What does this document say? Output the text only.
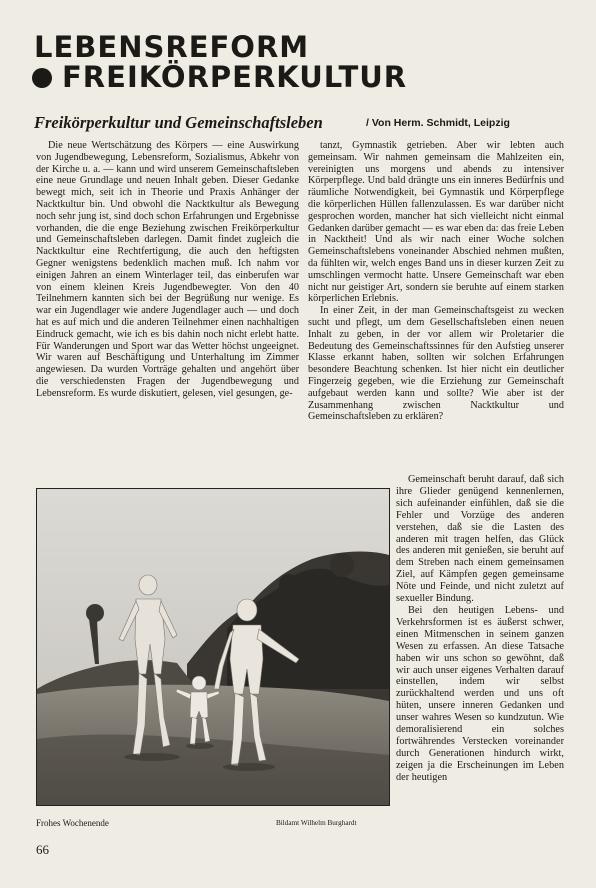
LEBENSREFORM
FREIKÖRPERKULTUR
Freikörperkultur und Gemeinschaftsleben	/ Von Herm. Schmidt, Leipzig

Die neue Wertschätzung des Körpers — eine Auswirkung von Jugendbewegung, Lebensreform, Sozialismus, Abkehr von der Kirche u. a. — kann und wird unserem Gemeinschaftsleben eine neue Grundlage und neuen Inhalt geben. Dieser Gedanke bewegt mich, seit ich in Theorie und Praxis Anhänger der Nacktkultur bin. Und obwohl die Nacktkultur als Bewegung noch sehr jung ist, sind doch schon Erfahrungen und Ergebnisse vorhanden, die die enge Beziehung zwischen Freikörperkultur und Gemeinschaftsleben darlegen. Damit findet zugleich die Nacktkultur eine Rechtfertigung, die auch den heftigsten Gegner wenigstens bedenklich machen muß. Ich nahm vor einigen Jahren an einem Winterlager teil, das einberufen war von einem kleinen Kreis Jugendbewegter. Von den 40 Teilnehmern kannten sich bei der Begrüßung nur wenige. Es war ein Jugendlager wie andere Jugendlager auch — und doch hat es auf mich und die anderen Teilnehmer einen nachhaltigen Eindruck gemacht, wie ich es bis dahin noch nicht erlebt hatte. Für Wanderungen und Sport war das Wetter höchst ungeeignet. Wir waren auf Beschäftigung und Unterhaltung im Zimmer angewiesen. Da wurden Vorträge gehalten und angehört über die verschiedensten Fragen der Jugendbewegung und Lebensreform. Es wurde diskutiert, gelesen, viel gesungen, ge-

tanzt, Gymnastik getrieben. Aber wir lebten auch gemeinsam. Wir nahmen gemeinsam die Mahlzeiten ein, vereinigten uns morgens und abends zu intensiver Körperpflege. Und bald drängte uns ein inneres Bedürfnis und räumliche Notwendigkeit, bei Gymnastik und Körperpflege die körperlichen Hüllen fallenzulassen. Es war darüber nicht gesprochen worden, mancher hat sich vielleicht nicht einmal Gedanken darüber gemacht — es war eben da: das freie Leben in Nacktheit! Und als wir nach einer Woche solchen Gemeinschaftslebens voneinander Abschied nehmen mußten, da fühlten wir, welch enges Band uns in dieser kurzen Zeit zu umschlingen vermocht hatte. Unsere Gemeinschaft war eben nicht nur geistiger Art, sondern sie beruhte auf einem starken körperlichen Erlebnis.

In einer Zeit, in der man Gemeinschaftsgeist zu wecken sucht und pflegt, um dem Gesellschaftsleben einen neuen Inhalt zu geben, in der vor allem wir Proletarier die Bedeutung des Gemeinschaftssinnes für den Aufstieg unserer Klasse erkannt haben, sollten wir solchen Erfahrungen besondere Beachtung schenken. Ist hier nicht ein deutlicher Fingerzeig gegeben, wie die Erziehung zur Gemeinschaft aufgebaut werden kann und sollte? Wie aber ist der Zusammenhang zwischen Nacktkultur und Gemeinschaftsleben zu erklären?

Gemeinschaft beruht darauf, daß sich ihre Glieder genügend kennenlernen, sich aufeinander einfühlen, daß sie die Fehler und Vorzüge des anderen verstehen, daß sie die Lasten des anderen mit tragen helfen, das Glück des anderen mit genießen, sie beruht auf dem Streben nach einem gemeinsamen Ziel, auf Kämpfen gegen gemeinsame Nöte und Feinde, und nicht zuletzt auf sexueller Bindung.

Bei den heutigen Lebens- und Verkehrsformen ist es äußerst schwer, einen Mitmenschen in seinem ganzen Wesen zu erfassen. An diese Tatsache haben wir uns schon so gewöhnt, daß wir auch unser eigenes Verhalten darauf einstellen, indem wir selbst zurückhaltend werden und uns oft hüten, unsere inneren Gedanken und unser wahres Wesen so kundzutun. Wie demoralisierend ein solches fortwährendes Verstecken voreinander durch Generationen hindurch wirkt, zeigen ja die Erscheinungen im Leben der heutigen

Frohes Wochenende	Bildamt Wilhelm Burghardt
66
